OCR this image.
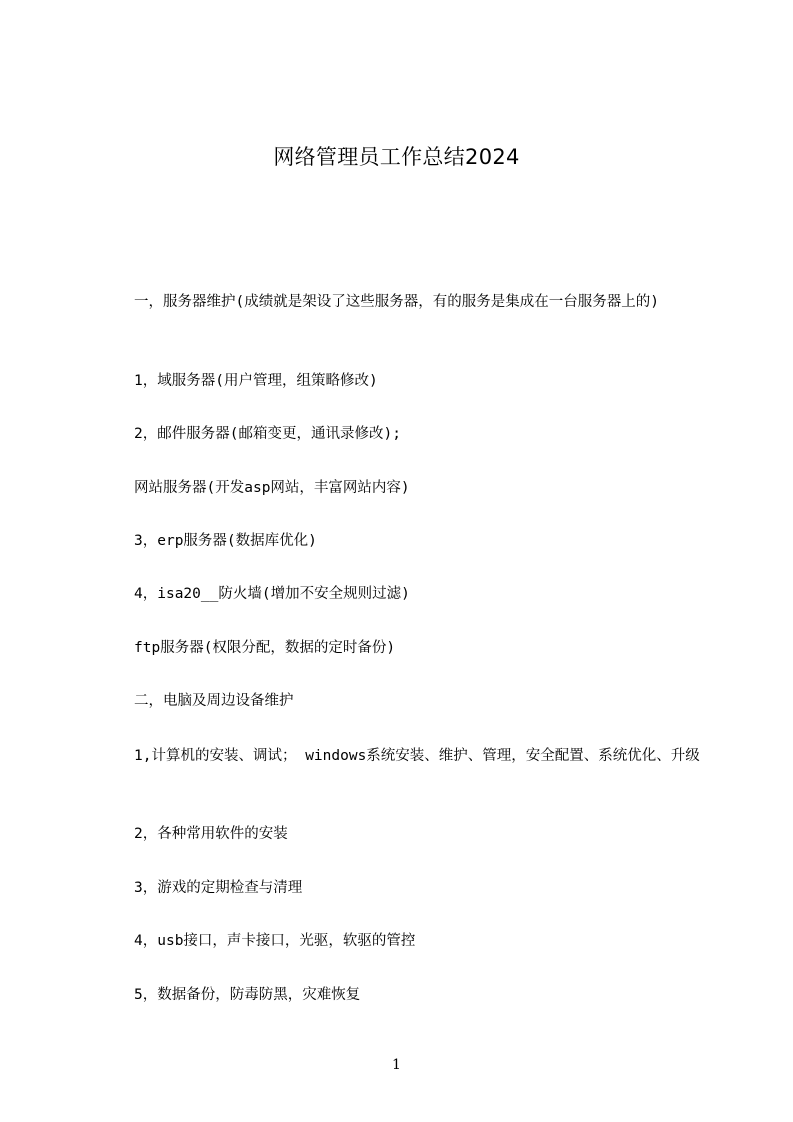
网络管理员工作总结2024

一，服务器维护(成绩就是架设了这些服务器，有的服务是集成在一台服务器上的)

1，域服务器(用户管理，组策略修改)

2，邮件服务器(邮箱变更，通讯录修改);

网站服务器(开发asp网站，丰富网站内容)

3，erp服务器(数据库优化)

4，isa20__防火墙(增加不安全规则过滤)

ftp服务器(权限分配，数据的定时备份)

二，电脑及周边设备维护

1,计算机的安装、调试； windows系统安装、维护、管理，安全配置、系统优化、升级

2，各种常用软件的安装

3，游戏的定期检查与清理

4，usb接口，声卡接口，光驱，软驱的管控

5，数据备份，防毒防黑，灾难恢复

1
